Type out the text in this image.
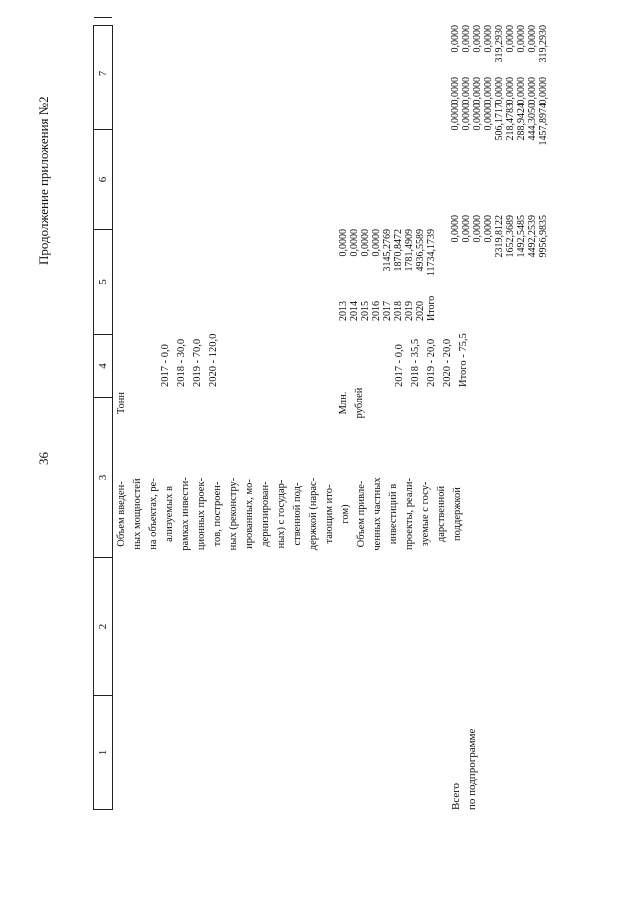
36
Продолжение приложения №2
1
2
3
4
5
6
7
Объем введен- ных мощностей на объектах, ре- ализуемых в рамках инвести- ционных проек- тов, построен- ных (реконстру- ированных, мо- дернизирован- ных) с государ- ственной под- держкой (нарас- тающим ито- гом)
Тонн
2017 - 0,0 2018 - 30,0 2019 - 70,0 2020 - 120,0
Объем привле- ченных частных инвестиций в проекты, реали- зуемые с госу- дарственной поддержкой
Млн. рублей
2017 - 0,0 2018 - 35,5 2019 - 20,0 2020 - 20,0 Итого - 75,5
Всего по подпрограмме
2013 2014 2015 2016 2017 2018 2019 2020 Итого
0,0000 0,0000 0,0000 0,0000 3145,2769 1870,8472 1781,4909 4936,5589 11734,1739
0,0000 0,0000 0,0000 0,0000 2319,8122 1652,3689 1492,5485 4492,2539 9956,9835
0,0000 0,0000 0,0000 0,0000 506,1717 218,4783 288,9424 444,3050 1457,8974
0,0000 0,0000 0,0000 0,0000 0,0000 0,0000 0,0000 0,0000 0,0000
0,0000 0,0000 0,0000 0,0000 319,2930 0,0000 0,0000 0,0000 319,2930
